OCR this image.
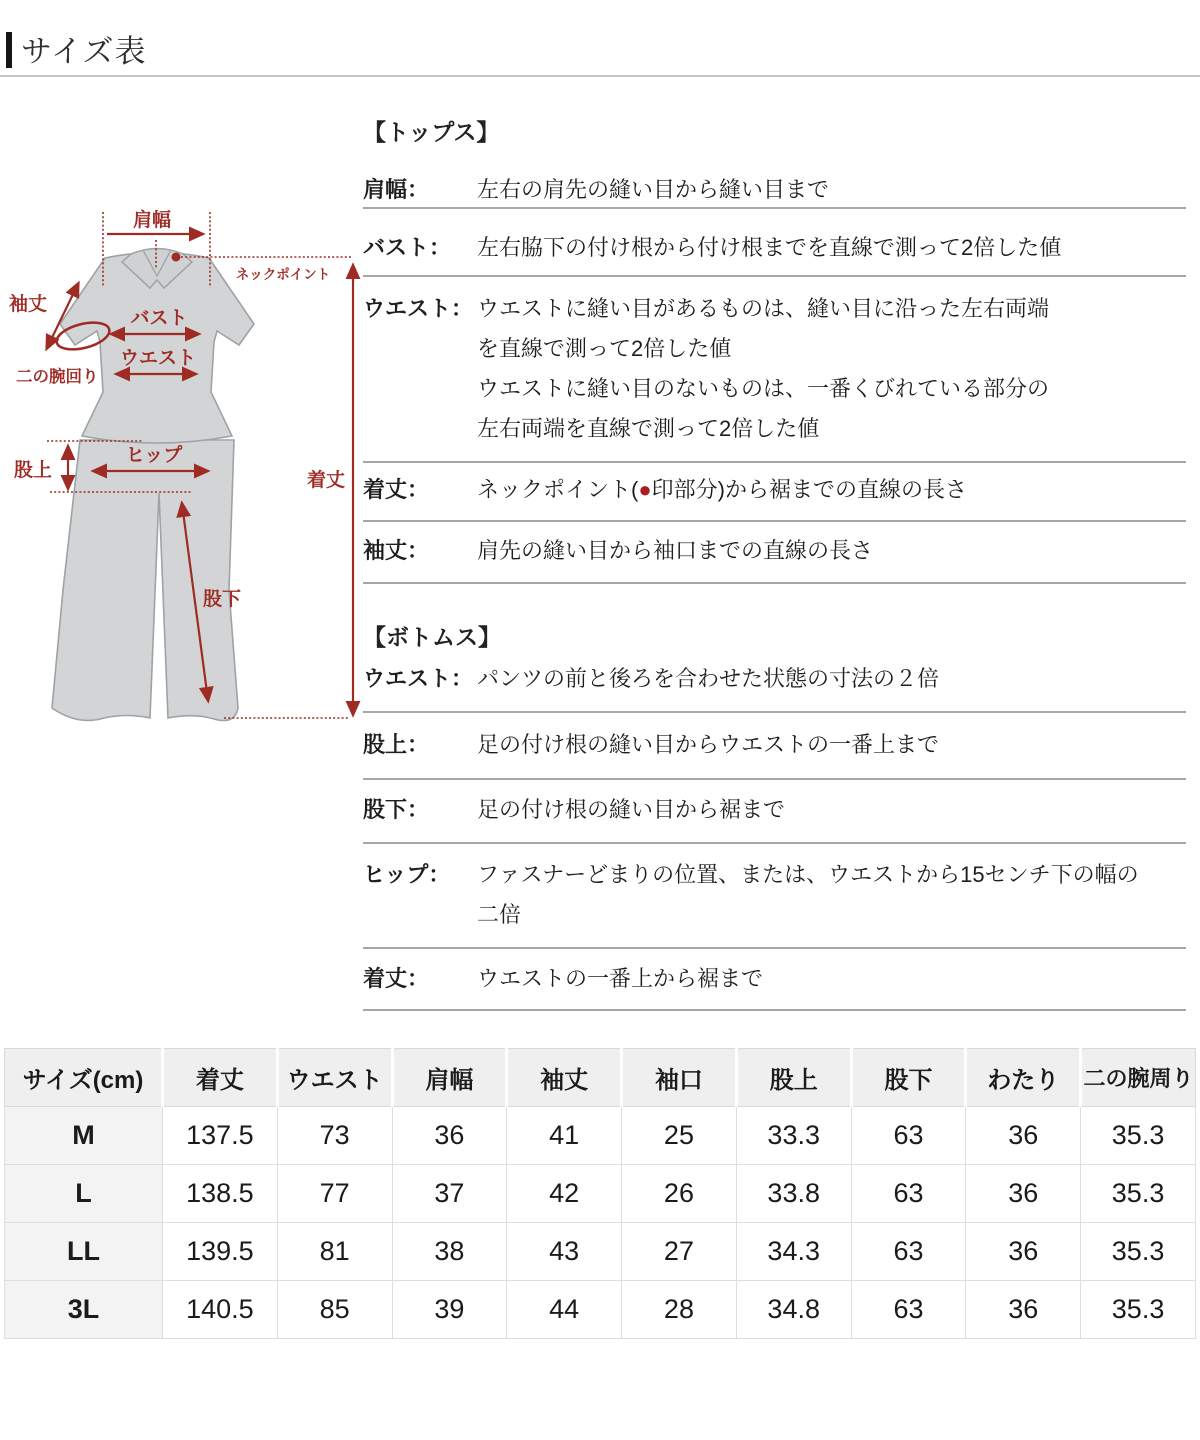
サイズ表
肩幅
ネックポイント
着丈
袖丈
二の腕回り
バスト
ウエスト
股上
ヒップ
股下
【トップス】
肩幅： 左右の肩先の縫い目から縫い目まで
バスト： 左右脇下の付け根から付け根までを直線で測って2倍した値
ウエスト： ウエストに縫い目があるものは、縫い目に沿った左右両端
を直線で測って2倍した値
ウエストに縫い目のないものは、一番くびれている部分の
左右両端を直線で測って2倍した値
着丈： ネックポイント(●印部分)から裾までの直線の長さ
袖丈： 肩先の縫い目から袖口までの直線の長さ
【ボトムス】
ウエスト： パンツの前と後ろを合わせた状態の寸法の２倍
股上： 足の付け根の縫い目からウエストの一番上まで
股下： 足の付け根の縫い目から裾まで
ヒップ： ファスナーどまりの位置、または、ウエストから15センチ下の幅の
二倍
着丈： ウエストの一番上から裾まで
サイズ(cm)	着丈	ウエスト	肩幅	袖丈	袖口	股上	股下	わたり	二の腕周り
M	137.5	73	36	41	25	33.3	63	36	35.3
L	138.5	77	37	42	26	33.8	63	36	35.3
LL	139.5	81	38	43	27	34.3	63	36	35.3
3L	140.5	85	39	44	28	34.8	63	36	35.3
